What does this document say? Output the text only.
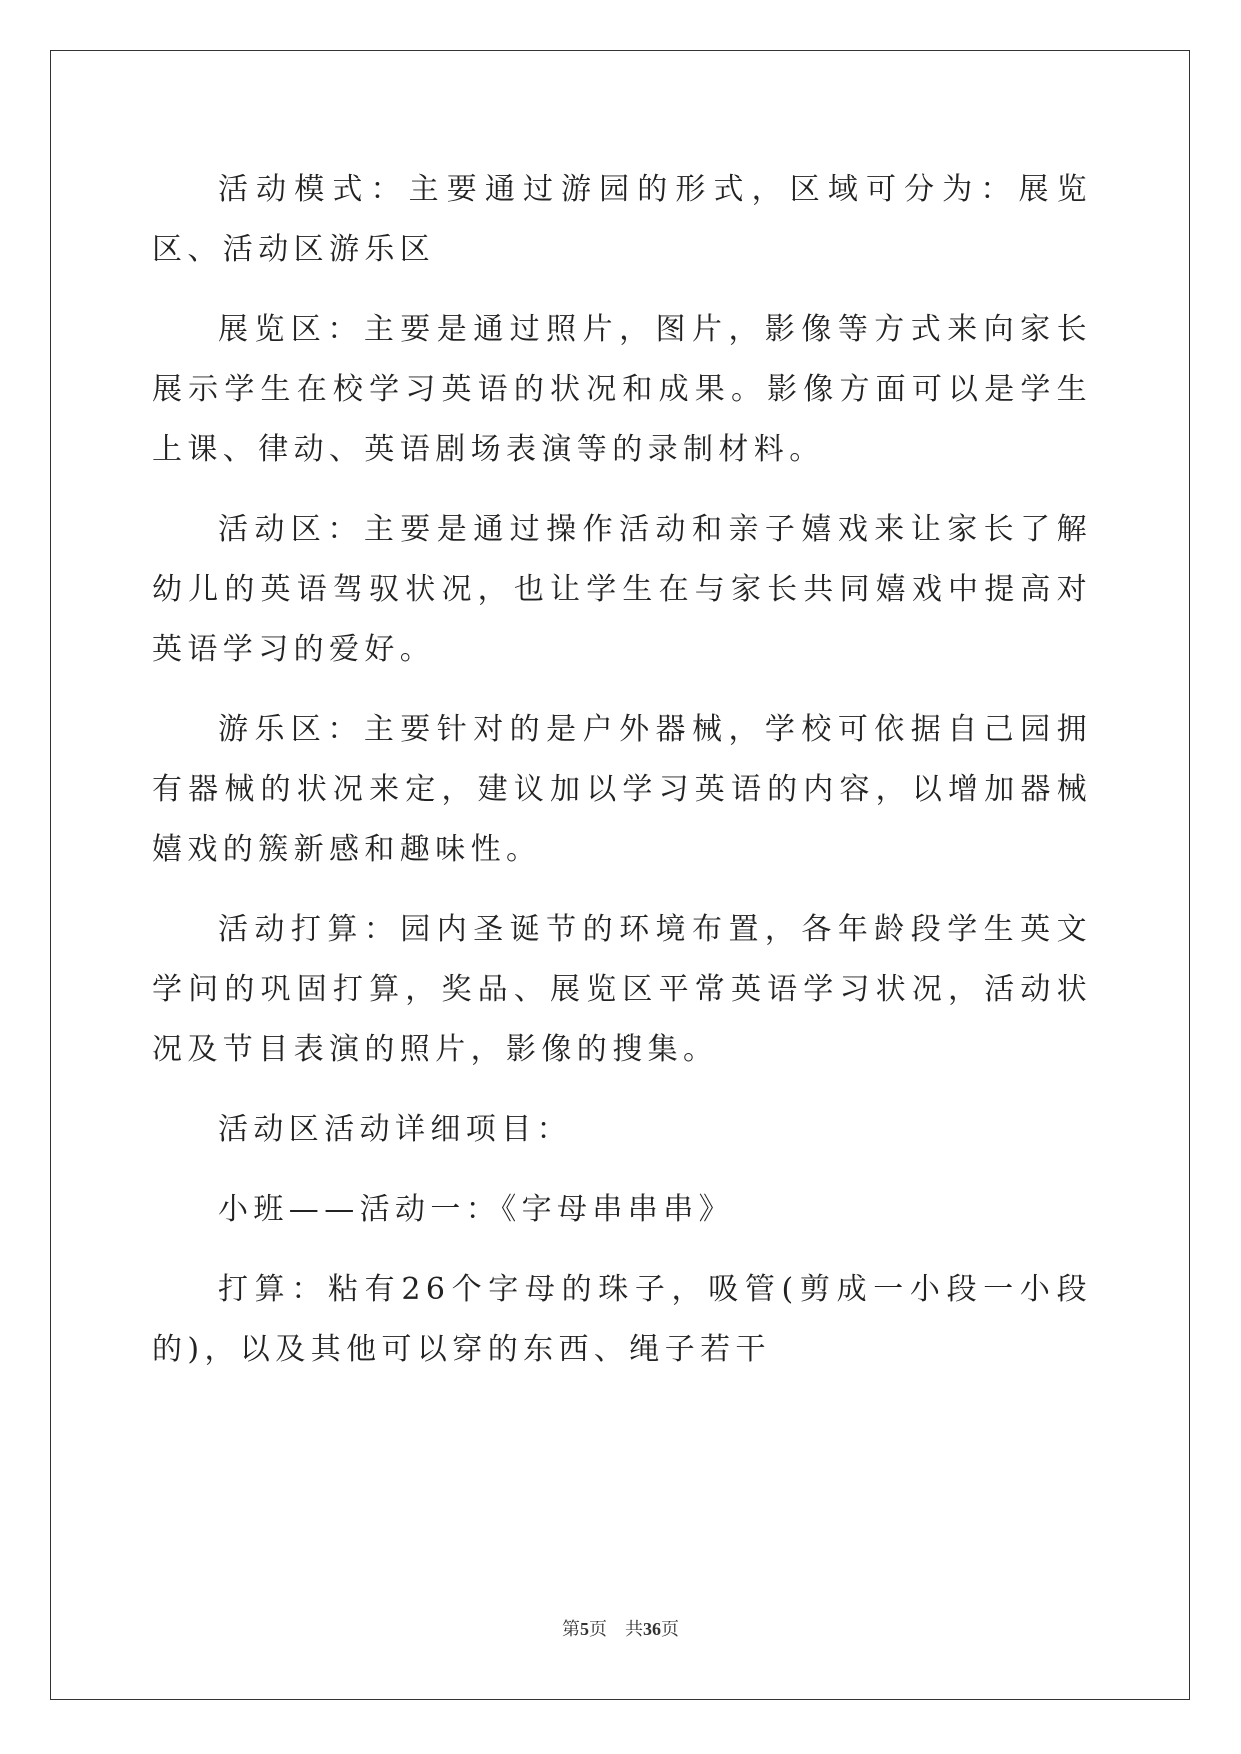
活动模式：主要通过游园的形式，区域可分为：展览区、活动区游乐区

展览区：主要是通过照片，图片，影像等方式来向家长展示学生在校学习英语的状况和成果。影像方面可以是学生上课、律动、英语剧场表演等的录制材料。

活动区：主要是通过操作活动和亲子嬉戏来让家长了解幼儿的英语驾驭状况，也让学生在与家长共同嬉戏中提高对英语学习的爱好。

游乐区：主要针对的是户外器械，学校可依据自己园拥有器械的状况来定，建议加以学习英语的内容，以增加器械嬉戏的簇新感和趣味性。

活动打算：园内圣诞节的环境布置，各年龄段学生英文学问的巩固打算，奖品、展览区平常英语学习状况，活动状况及节目表演的照片，影像的搜集。

活动区活动详细项目：

小班——活动一：《字母串串串》

打算：粘有26个字母的珠子，吸管(剪成一小段一小段的)，以及其他可以穿的东西、绳子若干

第5页 共36页
